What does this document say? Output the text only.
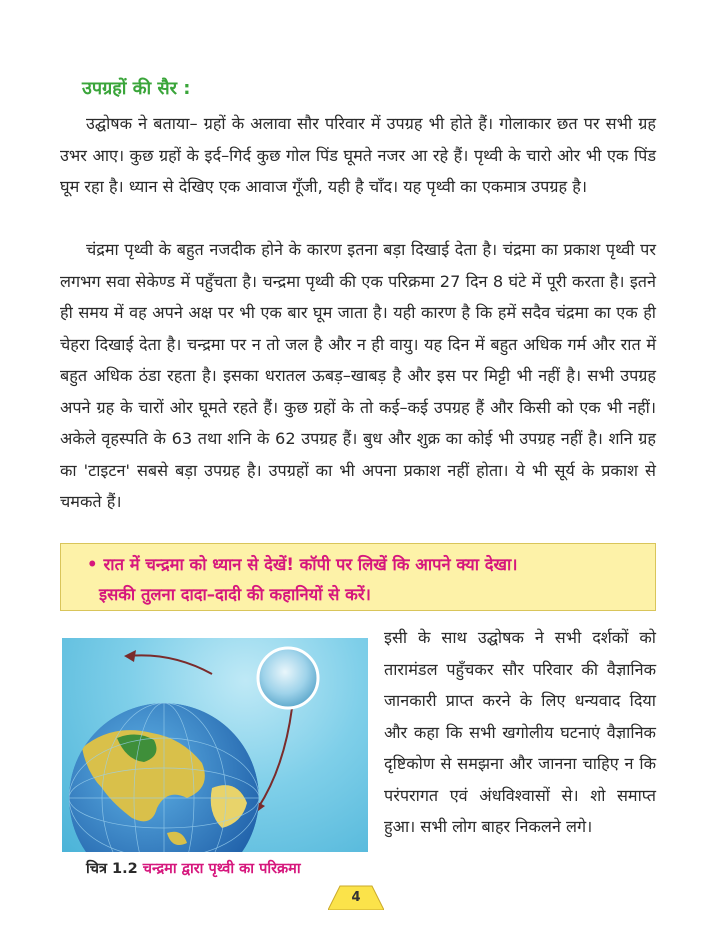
उपग्रहों की सैर :

उद्घोषक ने बताया– ग्रहों के अलावा सौर परिवार में उपग्रह भी होते हैं। गोलाकार छत पर सभी ग्रह उभर आए। कुछ ग्रहों के इर्द–गिर्द कुछ गोल पिंड घूमते नजर आ रहे हैं। पृथ्वी के चारो ओर भी एक पिंड घूम रहा है। ध्यान से देखिए एक आवाज गूँजी, यही है चाँद। यह पृथ्वी का एकमात्र उपग्रह है।

चंद्रमा पृथ्वी के बहुत नजदीक होने के कारण इतना बड़ा दिखाई देता है। चंद्रमा का प्रकाश पृथ्वी पर लगभग सवा सेकेण्ड में पहुँचता है। चन्द्रमा पृथ्वी की एक परिक्रमा 27 दिन 8 घंटे में पूरी करता है। इतने ही समय में वह अपने अक्ष पर भी एक बार घूम जाता है। यही कारण है कि हमें सदैव चंद्रमा का एक ही चेहरा दिखाई देता है। चन्द्रमा पर न तो जल है और न ही वायु। यह दिन में बहुत अधिक गर्म और रात में बहुत अधिक ठंडा रहता है। इसका धरातल ऊबड़–खाबड़ है और इस पर मिट्टी भी नहीं है। सभी उपग्रह अपने ग्रह के चारों ओर घूमते रहते हैं। कुछ ग्रहों के तो कई–कई उपग्रह हैं और किसी को एक भी नहीं। अकेले वृहस्पति के 63 तथा शनि के 62 उपग्रह हैं। बुध और शुक्र का कोई भी उपग्रह नहीं है। शनि ग्रह का 'टाइटन' सबसे बड़ा उपग्रह है। उपग्रहों का भी अपना प्रकाश नहीं होता। ये भी सूर्य के प्रकाश से चमकते हैं।

• रात में चन्द्रमा को ध्यान से देखें! कॉपी पर लिखें कि आपने क्या देखा।
इसकी तुलना दादा–दादी की कहानियों से करें।
चित्र 1.2 चन्द्रमा द्वारा पृथ्वी का परिक्रमा

इसी के साथ उद्घोषक ने सभी दर्शकों को तारामंडल पहुँचकर सौर परिवार की वैज्ञानिक जानकारी प्राप्त करने के लिए धन्यवाद दिया और कहा कि सभी खगोलीय घटनाएं वैज्ञानिक दृष्टिकोण से समझना और जानना चाहिए न कि परंपरागत एवं अंधविश्वासों से। शो समाप्त हुआ। सभी लोग बाहर निकलने लगे।

4
